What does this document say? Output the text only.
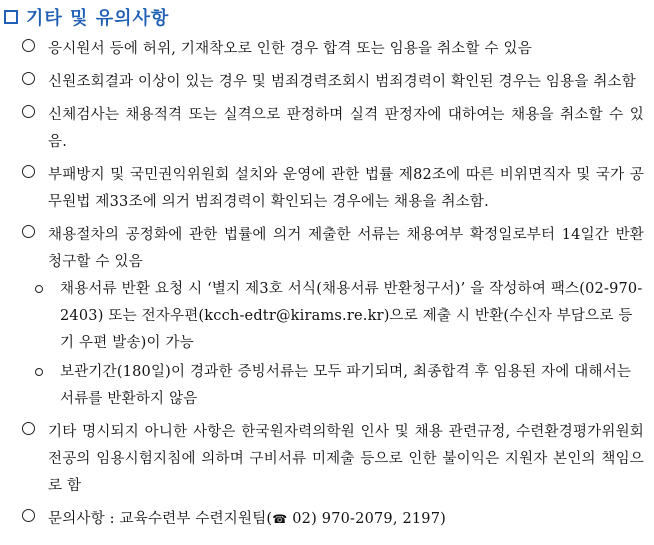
기타 및 유의사항
응시원서 등에 허위, 기재착오로 인한 경우 합격 또는 임용을 취소할 수 있음
신원조회결과 이상이 있는 경우 및 범죄경력조회시 범죄경력이 확인된 경우는 임용을 취소함
신체검사는 채용적격 또는 실격으로 판정하며 실격 판정자에 대하여는 채용을 취소할 수 있음.
부패방지 및 국민권익위원회 설치와 운영에 관한 법률 제82조에 따른 비위면직자 및 국가 공무원법 제33조에 의거 범죄경력이 확인되는 경우에는 채용을 취소함.
채용절차의 공정화에 관한 법률에 의거 제출한 서류는 채용여부 확정일로부터 14일간 반환 청구할 수 있음
채용서류 반환 요청 시 ‘별지 제3호 서식(채용서류 반환청구서)’ 을 작성하여 팩스(02-970-2403) 또는 전자우편(kcch-edtr@kirams.re.kr)으로 제출 시 반환(수신자 부담으로 등기 우편 발송)이 가능
보관기간(180일)이 경과한 증빙서류는 모두 파기되며, 최종합격 후 임용된 자에 대해서는 서류를 반환하지 않음
기타 명시되지 아니한 사항은 한국원자력의학원 인사 및 채용 관련규정, 수련환경평가위원회 전공의 임용시험지침에 의하며 구비서류 미제출 등으로 인한 불이익은 지원자 본인의 책임으로 함
문의사항 : 교육수련부 수련지원팀(☎ 02) 970-2079, 2197)
